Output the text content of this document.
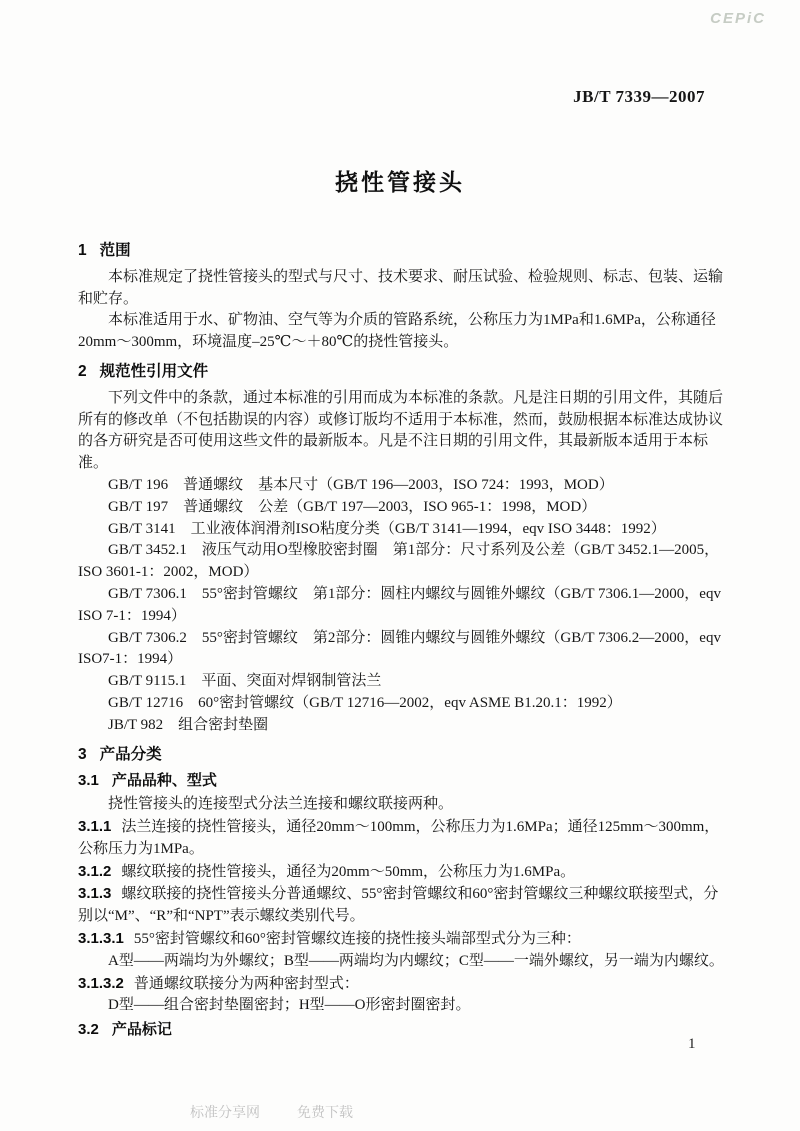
CEPiC
JB/T 7339—2007
挠性管接头
1 范围

本标准规定了挠性管接头的型式与尺寸、技术要求、耐压试验、检验规则、标志、包装、运输和贮存。

本标准适用于水、矿物油、空气等为介质的管路系统，公称压力为1MPa和1.6MPa，公称通径20mm～300mm，环境温度–25℃～＋80℃的挠性管接头。

2 规范性引用文件

下列文件中的条款，通过本标准的引用而成为本标准的条款。凡是注日期的引用文件，其随后所有的修改单（不包括勘误的内容）或修订版均不适用于本标准，然而，鼓励根据本标准达成协议的各方研究是否可使用这些文件的最新版本。凡是不注日期的引用文件，其最新版本适用于本标准。

GB/T 196　普通螺纹　基本尺寸（GB/T 196—2003，ISO 724：1993，MOD）

GB/T 197　普通螺纹　公差（GB/T 197—2003，ISO 965-1：1998，MOD）

GB/T 3141　工业液体润滑剂ISO粘度分类（GB/T 3141—1994，eqv ISO 3448：1992）

GB/T 3452.1　液压气动用O型橡胶密封圈　第1部分：尺寸系列及公差（GB/T 3452.1—2005，ISO 3601-1：2002，MOD）

GB/T 7306.1　55°密封管螺纹　第1部分：圆柱内螺纹与圆锥外螺纹（GB/T 7306.1—2000，eqv ISO 7-1：1994）

GB/T 7306.2　55°密封管螺纹　第2部分：圆锥内螺纹与圆锥外螺纹（GB/T 7306.2—2000，eqv ISO7-1：1994）

GB/T 9115.1　平面、突面对焊钢制管法兰

GB/T 12716　60°密封管螺纹（GB/T 12716—2002，eqv ASME B1.20.1：1992）

JB/T 982　组合密封垫圈

3 产品分类
3.1 产品品种、型式

挠性管接头的连接型式分法兰连接和螺纹联接两种。

3.1.1 法兰连接的挠性管接头，通径20mm～100mm，公称压力为1.6MPa；通径125mm～300mm，公称压力为1MPa。

3.1.2 螺纹联接的挠性管接头，通径为20mm～50mm，公称压力为1.6MPa。

3.1.3 螺纹联接的挠性管接头分普通螺纹、55°密封管螺纹和60°密封管螺纹三种螺纹联接型式，分别以“M”、“R”和“NPT”表示螺纹类别代号。

3.1.3.1 55°密封管螺纹和60°密封管螺纹连接的挠性接头端部型式分为三种：

A型——两端均为外螺纹；B型——两端均为内螺纹；C型——一端外螺纹，另一端为内螺纹。

3.1.3.2 普通螺纹联接分为两种密封型式：

D型——组合密封垫圈密封；H型——O形密封圈密封。

3.2 产品标记
1
标准分享网	免费下载
